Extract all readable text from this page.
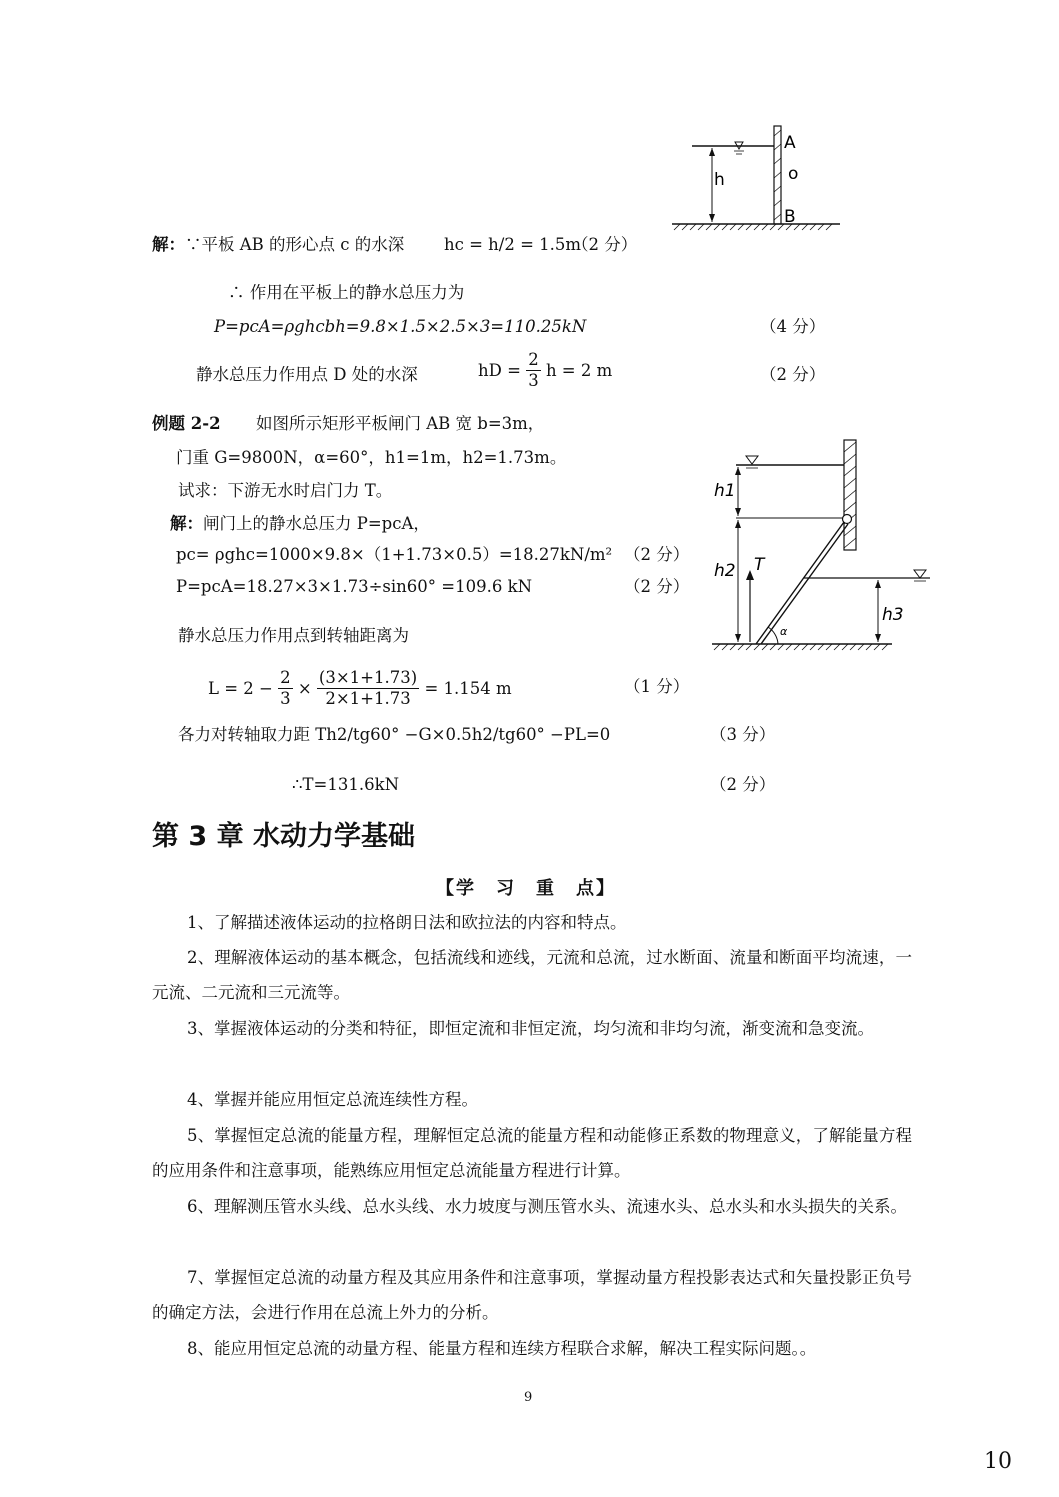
h
A
o
B
解：∵平板 AB 的形心点 c 的水深 hc = h/2 = 1.5m
（2 分）
∴ 作用在平板上的静水总压力为
P=pcA=ρghcbh=9.8×1.5×2.5×3=110.25kN	（4 分）
静水总压力作用点 D 处的水深	hD = $\frac{2}{3}$ h = 2 m	（2 分）
例题 2-2 如图所示矩形平板闸门 AB 宽 b=3m，
门重 G=9800N，α=60°，h1=1m，h2=1.73m。
试求：下游无水时启门力 T。
解：闸门上的静水总压力 P=pcA，
pc= ρghc=1000×9.8×（1+1.73×0.5）=18.27kN/m² （2 分）
P=pcA=18.27×3×1.73÷sin60° =109.6 kN	（2 分）
静水总压力作用点到转轴距离为
$L = 2 - \frac{2}{3} \times \frac{(3\times 1+1.73)}{2\times 1+1.73} = 1.154$ m	（1 分）
各力对转轴取力距 Th2/tg60° −G×0.5h2/tg60° −PL=0	（3 分）
∴T=131.6kN	（2 分）
h1
h2 T
h3
α
第 3 章 水动力学基础
【学　习　重　点】
1、了解描述液体运动的拉格朗日法和欧拉法的内容和特点。
2、理解液体运动的基本概念，包括流线和迹线，元流和总流，过水断面、流量和断面平均流速，一元流、二元流和三元流等。
3、掌握液体运动的分类和特征，即恒定流和非恒定流，均匀流和非均匀流，渐变流和急变流。
4、掌握并能应用恒定总流连续性方程。
5、掌握恒定总流的能量方程，理解恒定总流的能量方程和动能修正系数的物理意义，了解能量方程的应用条件和注意事项，能熟练应用恒定总流能量方程进行计算。
6、理解测压管水头线、总水头线、水力坡度与测压管水头、流速水头、总水头和水头损失的关系。
7、掌握恒定总流的动量方程及其应用条件和注意事项，掌握动量方程投影表达式和矢量投影正负号的确定方法，会进行作用在总流上外力的分析。
8、能应用恒定总流的动量方程、能量方程和连续方程联合求解，解决工程实际问题。。
9
10
